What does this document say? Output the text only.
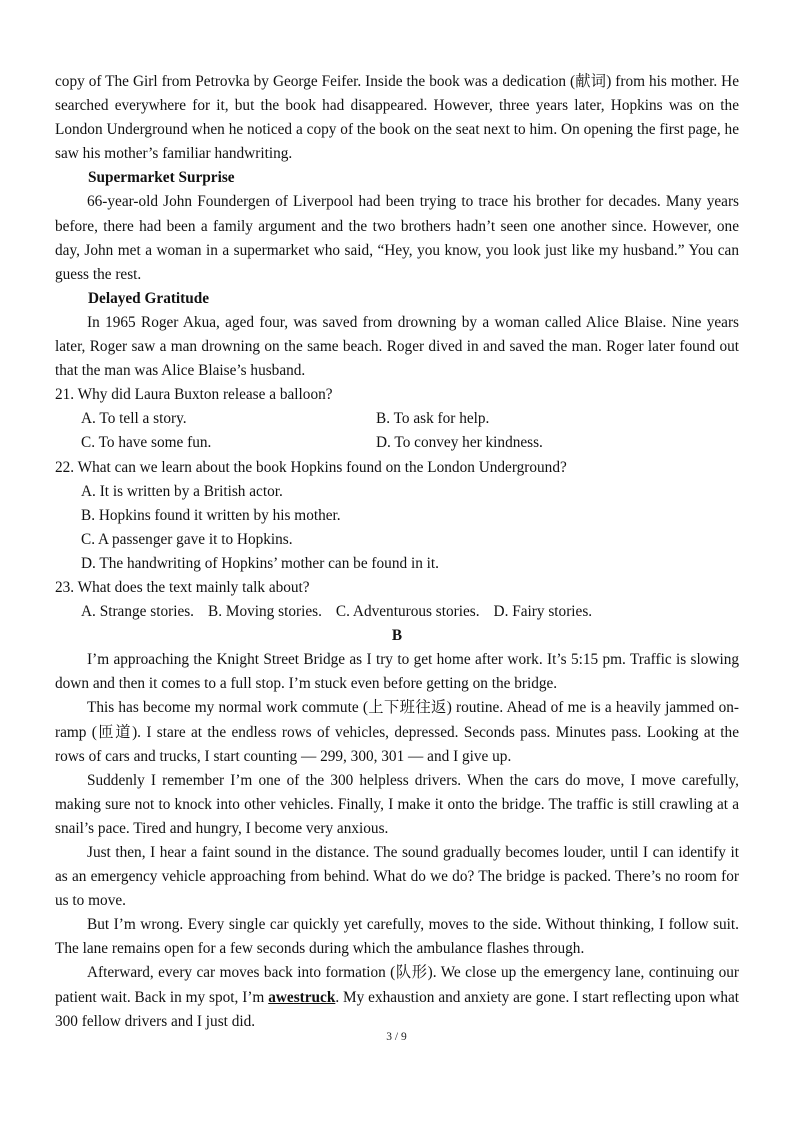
copy of The Girl from Petrovka by George Feifer. Inside the book was a dedication (献词) from his mother. He searched everywhere for it, but the book had disappeared. However, three years later, Hopkins was on the London Underground when he noticed a copy of the book on the seat next to him. On opening the first page, he saw his mother’s familiar handwriting.

Supermarket Surprise

66-year-old John Foundergen of Liverpool had been trying to trace his brother for decades. Many years before, there had been a family argument and the two brothers hadn’t seen one another since. However, one day, John met a woman in a supermarket who said, “Hey, you know, you look just like my husband.” You can guess the rest.

Delayed Gratitude

In 1965 Roger Akua, aged four, was saved from drowning by a woman called Alice Blaise. Nine years later, Roger saw a man drowning on the same beach. Roger dived in and saved the man. Roger later found out that the man was Alice Blaise’s husband.

21. Why did Laura Buxton release a balloon?

A. To tell a story.	B. To ask for help.
C. To have some fun.	D. To convey her kindness.

22. What can we learn about the book Hopkins found on the London Underground?

A. It is written by a British actor.

B. Hopkins found it written by his mother.

C. A passenger gave it to Hopkins.

D. The handwriting of Hopkins’ mother can be found in it.

23. What does the text mainly talk about?

A. Strange stories. B. Moving stories. C. Adventurous stories. D. Fairy stories.

B

I’m approaching the Knight Street Bridge as I try to get home after work. It’s 5:15 pm. Traffic is slowing down and then it comes to a full stop. I’m stuck even before getting on the bridge.

This has become my normal work commute (上下班往返) routine. Ahead of me is a heavily jammed on-ramp (匝道). I stare at the endless rows of vehicles, depressed. Seconds pass. Minutes pass. Looking at the rows of cars and trucks, I start counting — 299, 300, 301 — and I give up.

Suddenly I remember I’m one of the 300 helpless drivers. When the cars do move, I move carefully, making sure not to knock into other vehicles. Finally, I make it onto the bridge. The traffic is still crawling at a snail’s pace. Tired and hungry, I become very anxious.

Just then, I hear a faint sound in the distance. The sound gradually becomes louder, until I can identify it as an emergency vehicle approaching from behind. What do we do? The bridge is packed. There’s no room for us to move.

But I’m wrong. Every single car quickly yet carefully, moves to the side. Without thinking, I follow suit. The lane remains open for a few seconds during which the ambulance flashes through.

Afterward, every car moves back into formation (队形). We close up the emergency lane, continuing our patient wait. Back in my spot, I’m awestruck. My exhaustion and anxiety are gone. I start reflecting upon what 300 fellow drivers and I just did.

3 / 9
